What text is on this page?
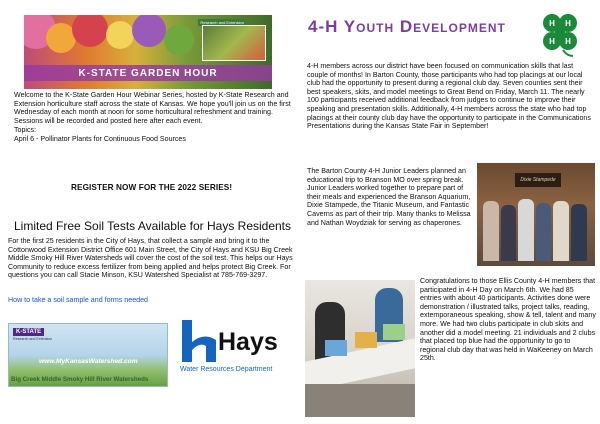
Research and Extension
K-STATE GARDEN HOUR
Welcome to the K-State Garden Hour Webinar Series, hosted by K-State Research and Extension horticulture staff across the state of Kansas. We hope you'll join us on the first Wednesday of each month at noon for some horticultural refreshment and training. Sessions will be recorded and posted here after each event.
Topics:
April 6 - Pollinator Plants for Continuous Food Sources
REGISTER NOW FOR THE 2022 SERIES!
Limited Free Soil Tests Available for Hays Residents
For the first 25 residents in the City of Hays, that collect a sample and bring it to the Cottonwood Extension District Office 601 Main Street, the City of Hays and KSU Big Creek Middle Smoky Hill River Watersheds will cover the cost of the soil test. This helps our Hays Community to reduce excess fertilizer from being applied and helps protect Big Creek. For questions you can call Stacie Minson, KSU Watershed Specialist at 785-769-3297.
How to take a soil sample and forms needed
K-STATE
Research and Extension
www.MyKansasWatershed.com
Big Creek Middle Smoky Hill River Watersheds
Hays
Water Resources Department
4-H Youth Development	H H
H H
4-H members across our district have been focused on communication skills that last couple of months! In Barton County, those participants who had top placings at our local club had the opportunity to present during a regional club day. Seven counties sent their best speakers, skits, and model meetings to Great Bend on Friday, March 11. The nearly 100 participants received additional feedback from judges to continue to improve their speaking and presentation skills. Additionally, 4-H members across the state who had top placings at their county club day have the opportunity to participate in the Communications Presentations during the Kansas State Fair in September!
The Barton County 4-H Junior Leaders planned an educational trip to Branson MO over spring break. Junior Leaders worked together to prepare part of their meals and experienced the Branson Aquarium, Dixie Stampede, the Titanic Museum, and Fantastic Caverns as part of their trip. Many thanks to Melissa and Nathan Woydziak for serving as chaperones.
Dixie Stampede
Congratulations to those Ellis County 4-H members that participated in 4-H Day on March 6th. We had 85 entries with about 40 participants. Activities done were demonstration / illustrated talks, project talks, reading, extemporaneous speaking, show & tell, talent and many more. We had two clubs participate in club skits and another did a model meeting. 21 individuals and 2 clubs that placed top blue had the opportunity to go to regional club day that was held in WaKeeney on March 25th.
